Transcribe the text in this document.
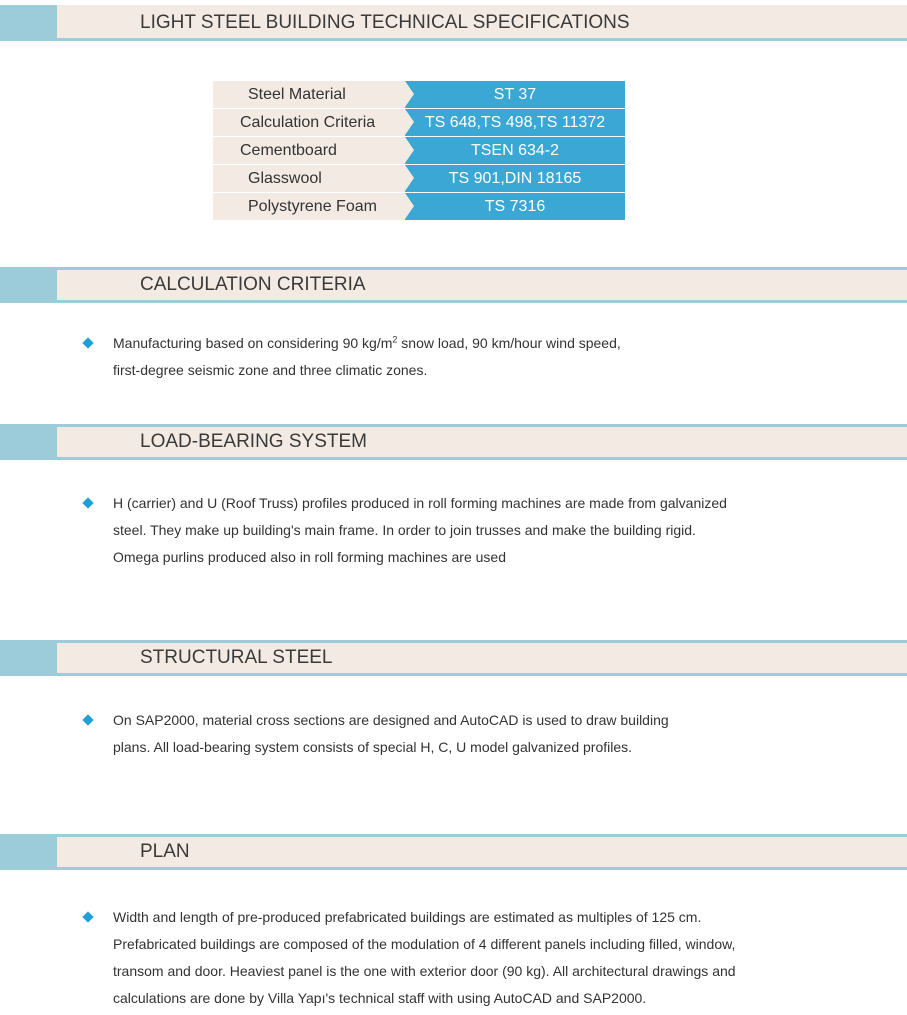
LIGHT STEEL BUILDING TECHNICAL SPECIFICATIONS
Steel Material	ST 37
Calculation Criteria	TS 648,TS 498,TS 11372
Cementboard	TSEN 634-2
Glasswool	TS 901,DIN 18165
Polystyrene Foam	TS 7316
CALCULATION CRITERIA
Manufacturing based on considering 90 $kg/m^2$ snow load, 90 km/hour wind speed,
first-degree seismic zone and three climatic zones.
LOAD-BEARING SYSTEM
H (carrier) and U (Roof Truss) profiles produced in roll forming machines are made from galvanized
steel. They make up building's main frame. In order to join trusses and make the building rigid.
Omega purlins produced also in roll forming machines are used
STRUCTURAL STEEL
On SAP2000, material cross sections are designed and AutoCAD is used to draw building
plans. All load-bearing system consists of special H, C, U model galvanized profiles.
PLAN
Width and length of pre-produced prefabricated buildings are estimated as multiples of 125 cm.
Prefabricated buildings are composed of the modulation of 4 different panels including filled, window,
transom and door. Heaviest panel is the one with exterior door (90 kg). All architectural drawings and
calculations are done by Villa Yapı's technical staff with using AutoCAD and SAP2000.
